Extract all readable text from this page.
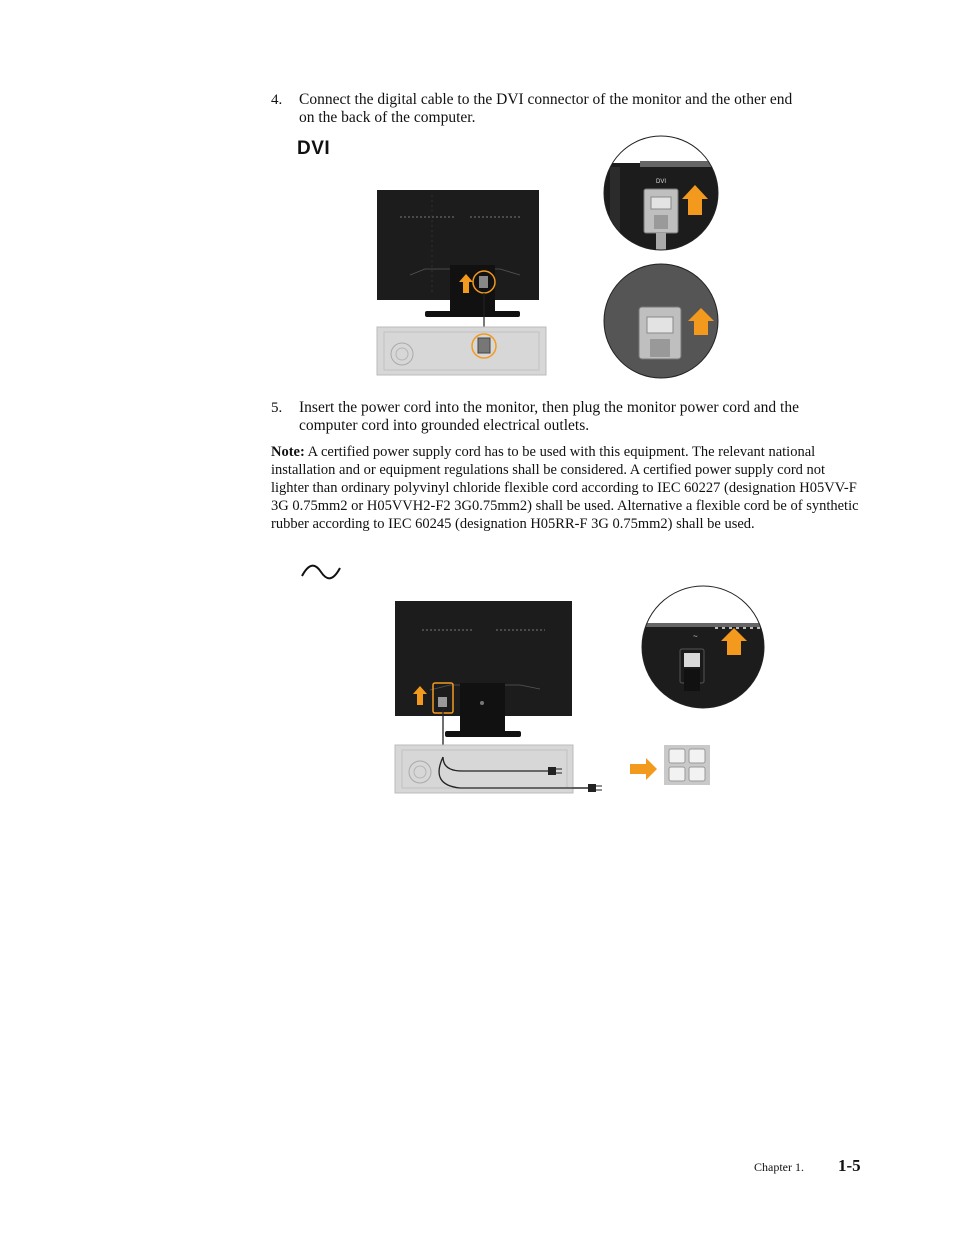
4. Connect the digital cable to the DVI connector of the monitor and the other end
on the back of the computer.
DVI
DVI
5. Insert the power cord into the monitor, then plug the monitor power cord and the
computer cord into grounded electrical outlets.
Note: A certified power supply cord has to be used with this equipment. The relevant national installation and or equipment regulations shall be considered. A certified power supply cord not lighter than ordinary polyvinyl chloride flexible cord according to IEC 60227 (designation H05VV-F 3G 0.75mm2 or H05VVH2-F2 3G0.75mm2) shall be used. Alternative a flexible cord be of synthetic rubber according to IEC 60245 (designation H05RR-F 3G 0.75mm2) shall be used.
~
Chapter 1. 1-5
